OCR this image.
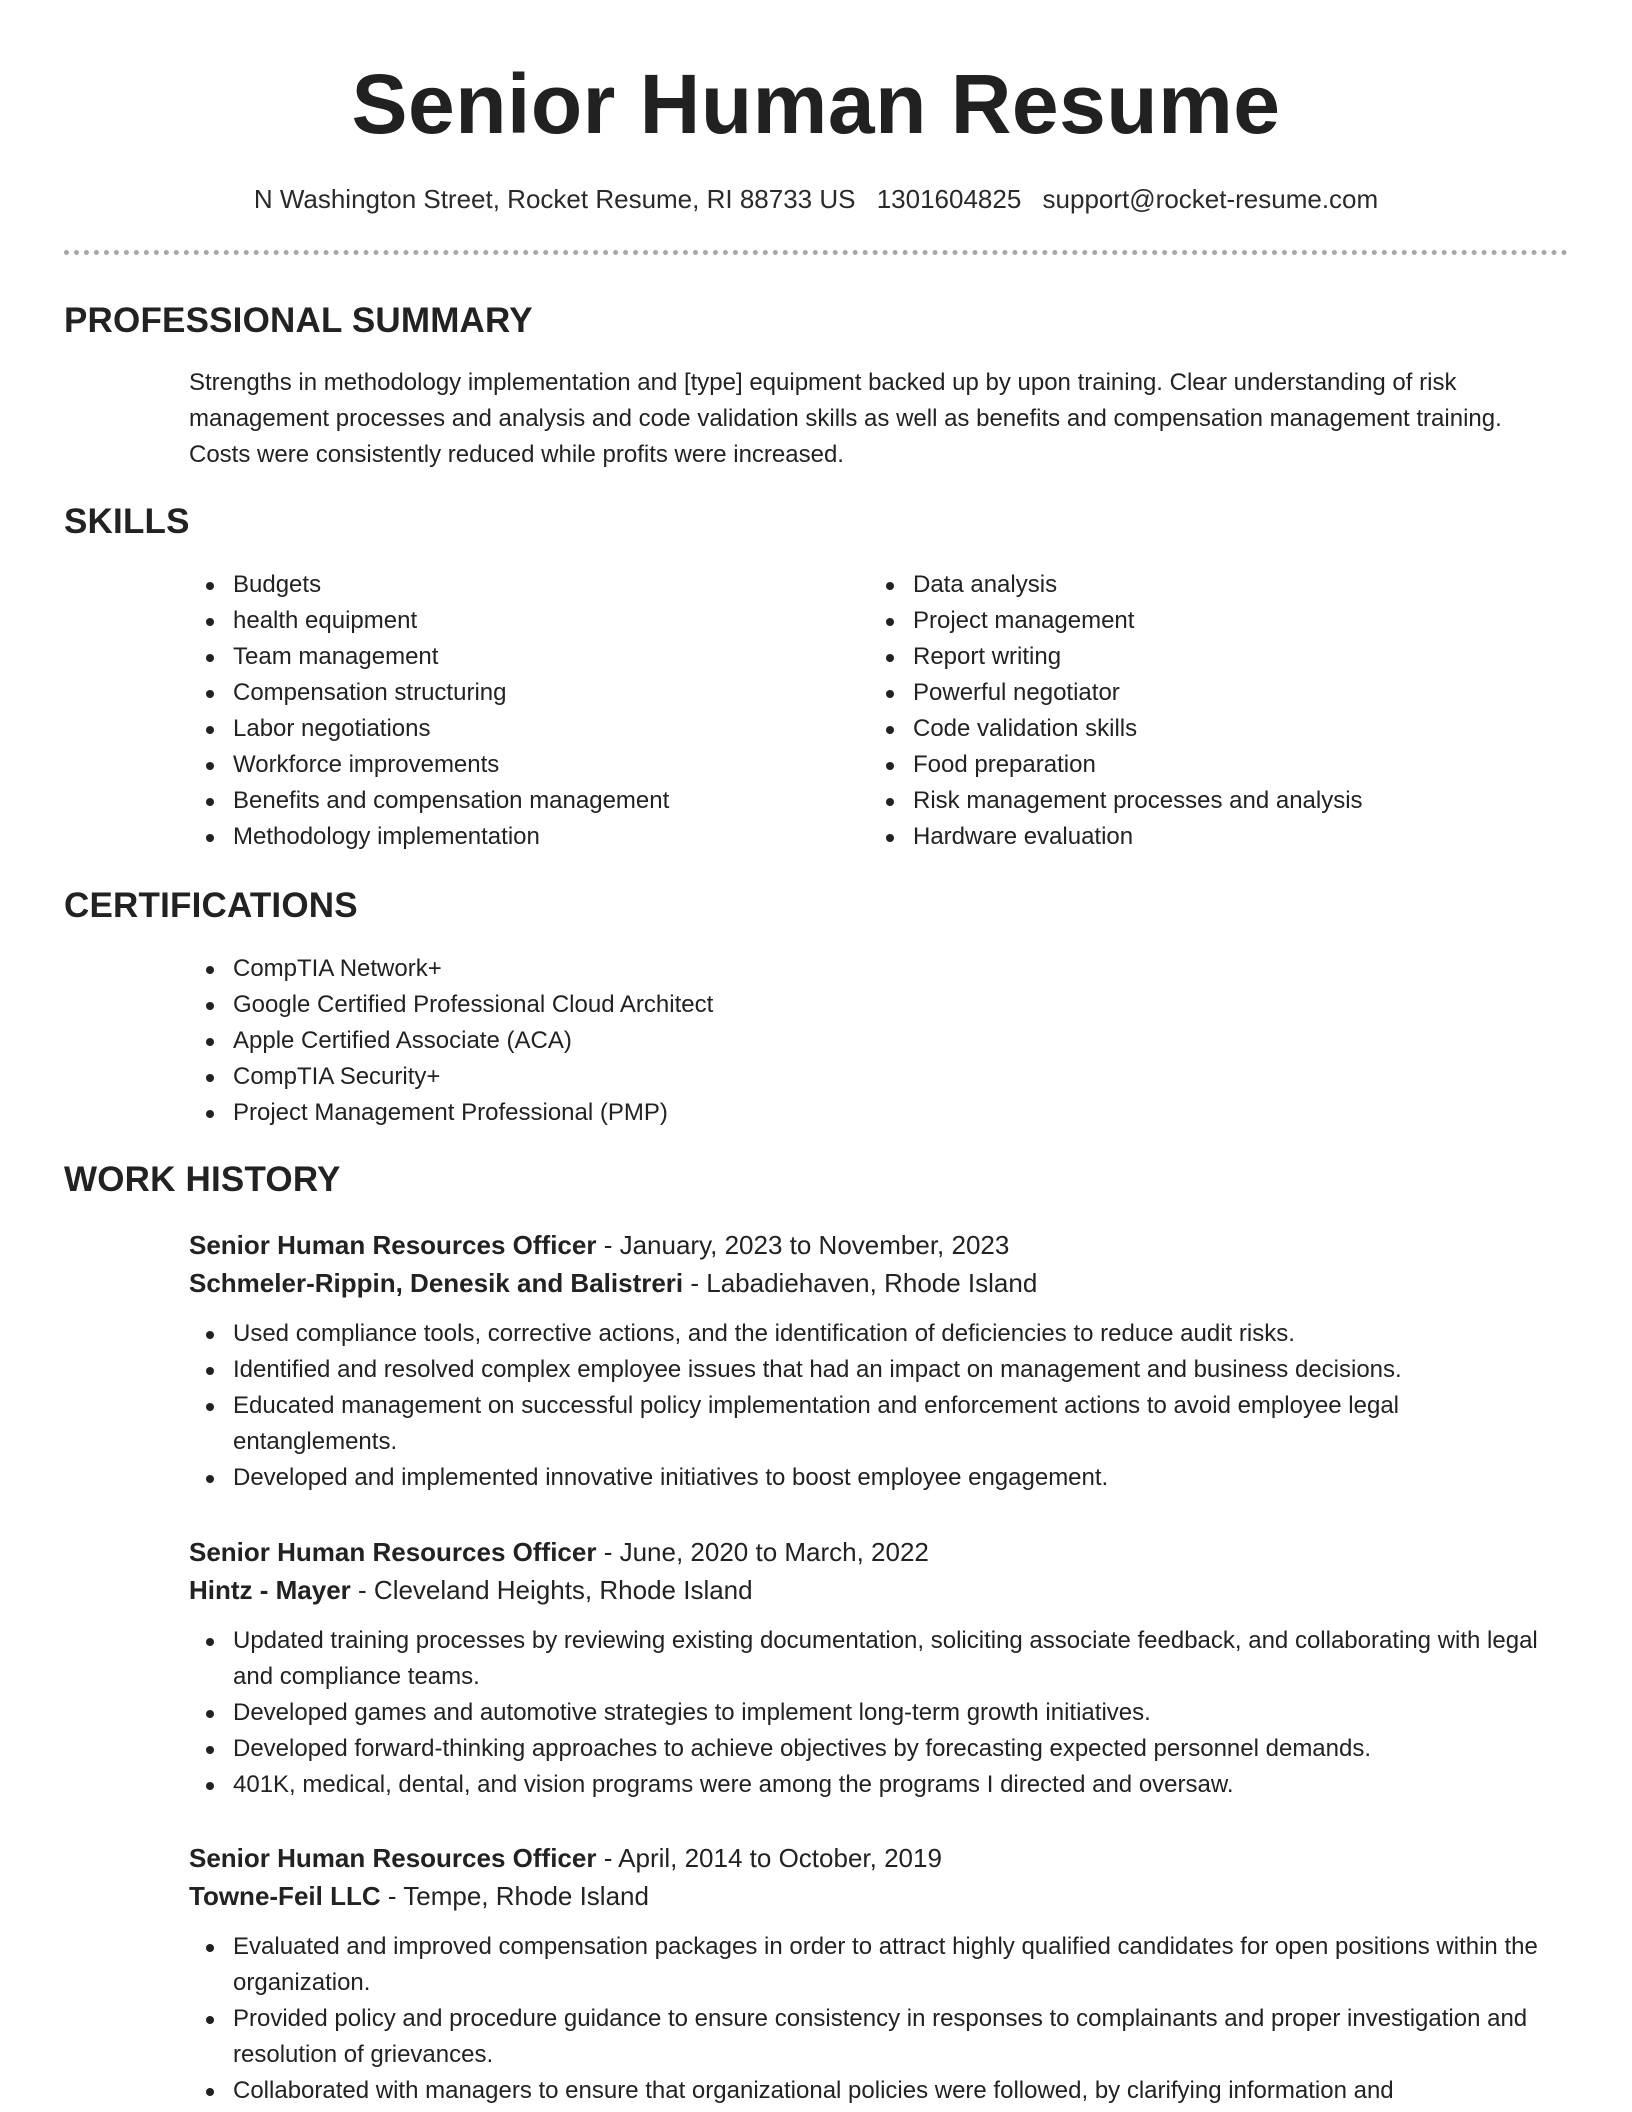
Senior Human Resume
N Washington Street, Rocket Resume, RI 88733 US 1301604825 support@rocket-resume.com
PROFESSIONAL SUMMARY

Strengths in methodology implementation and [type] equipment backed up by upon training. Clear understanding of risk management processes and analysis and code validation skills as well as benefits and compensation management training. Costs were consistently reduced while profits were increased.

SKILLS
Budgets
health equipment
Team management
Compensation structuring
Labor negotiations
Workforce improvements
Benefits and compensation management
Methodology implementation
Data analysis
Project management
Report writing
Powerful negotiator
Code validation skills
Food preparation
Risk management processes and analysis
Hardware evaluation
CERTIFICATIONS
CompTIA Network+
Google Certified Professional Cloud Architect
Apple Certified Associate (ACA)
CompTIA Security+
Project Management Professional (PMP)
WORK HISTORY

Senior Human Resources Officer - January, 2023 to November, 2023

Schmeler-Rippin, Denesik and Balistreri - Labadiehaven, Rhode Island

Used compliance tools, corrective actions, and the identification of deficiencies to reduce audit risks.
Identified and resolved complex employee issues that had an impact on management and business decisions.
Educated management on successful policy implementation and enforcement actions to avoid employee legal entanglements.
Developed and implemented innovative initiatives to boost employee engagement.

Senior Human Resources Officer - June, 2020 to March, 2022

Hintz - Mayer - Cleveland Heights, Rhode Island

Updated training processes by reviewing existing documentation, soliciting associate feedback, and collaborating with legal and compliance teams.
Developed games and automotive strategies to implement long-term growth initiatives.
Developed forward-thinking approaches to achieve objectives by forecasting expected personnel demands.
401K, medical, dental, and vision programs were among the programs I directed and oversaw.

Senior Human Resources Officer - April, 2014 to October, 2019

Towne-Feil LLC - Tempe, Rhode Island

Evaluated and improved compensation packages in order to attract highly qualified candidates for open positions within the organization.
Provided policy and procedure guidance to ensure consistency in responses to complainants and proper investigation and resolution of grievances.
Collaborated with managers to ensure that organizational policies were followed, by clarifying information and
